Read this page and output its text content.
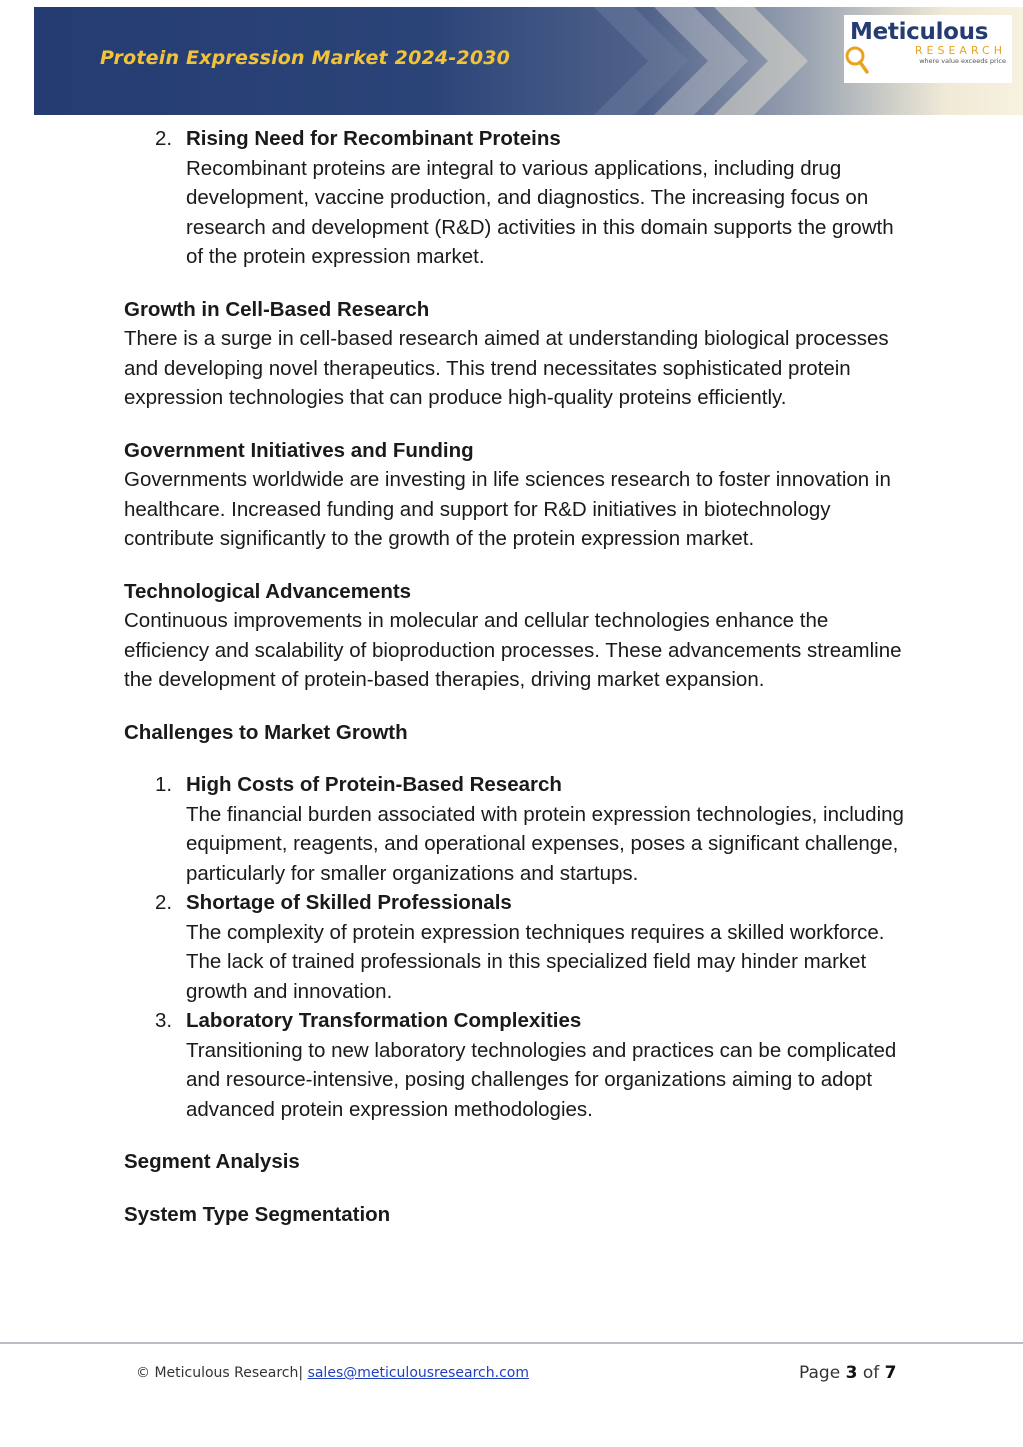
Protein Expression Market 2024-2030
Meticulous
RESEARCH
where value exceeds price
2. Rising Need for Recombinant Proteins
Recombinant proteins are integral to various applications, including drug development, vaccine production, and diagnostics. The increasing focus on research and development (R&D) activities in this domain supports the growth of the protein expression market.
Growth in Cell-Based Research
There is a surge in cell-based research aimed at understanding biological processes and developing novel therapeutics. This trend necessitates sophisticated protein expression technologies that can produce high-quality proteins efficiently.
Government Initiatives and Funding
Governments worldwide are investing in life sciences research to foster innovation in healthcare. Increased funding and support for R&D initiatives in biotechnology contribute significantly to the growth of the protein expression market.
Technological Advancements
Continuous improvements in molecular and cellular technologies enhance the efficiency and scalability of bioproduction processes. These advancements streamline the development of protein-based therapies, driving market expansion.
Challenges to Market Growth
1. High Costs of Protein-Based Research
The financial burden associated with protein expression technologies, including equipment, reagents, and operational expenses, poses a significant challenge, particularly for smaller organizations and startups.
2. Shortage of Skilled Professionals
The complexity of protein expression techniques requires a skilled workforce. The lack of trained professionals in this specialized field may hinder market growth and innovation.
3. Laboratory Transformation Complexities
Transitioning to new laboratory technologies and practices can be complicated and resource-intensive, posing challenges for organizations aiming to adopt advanced protein expression methodologies.
Segment Analysis
System Type Segmentation
© Meticulous Research| sales@meticulousresearch.com	Page 3 of 7
